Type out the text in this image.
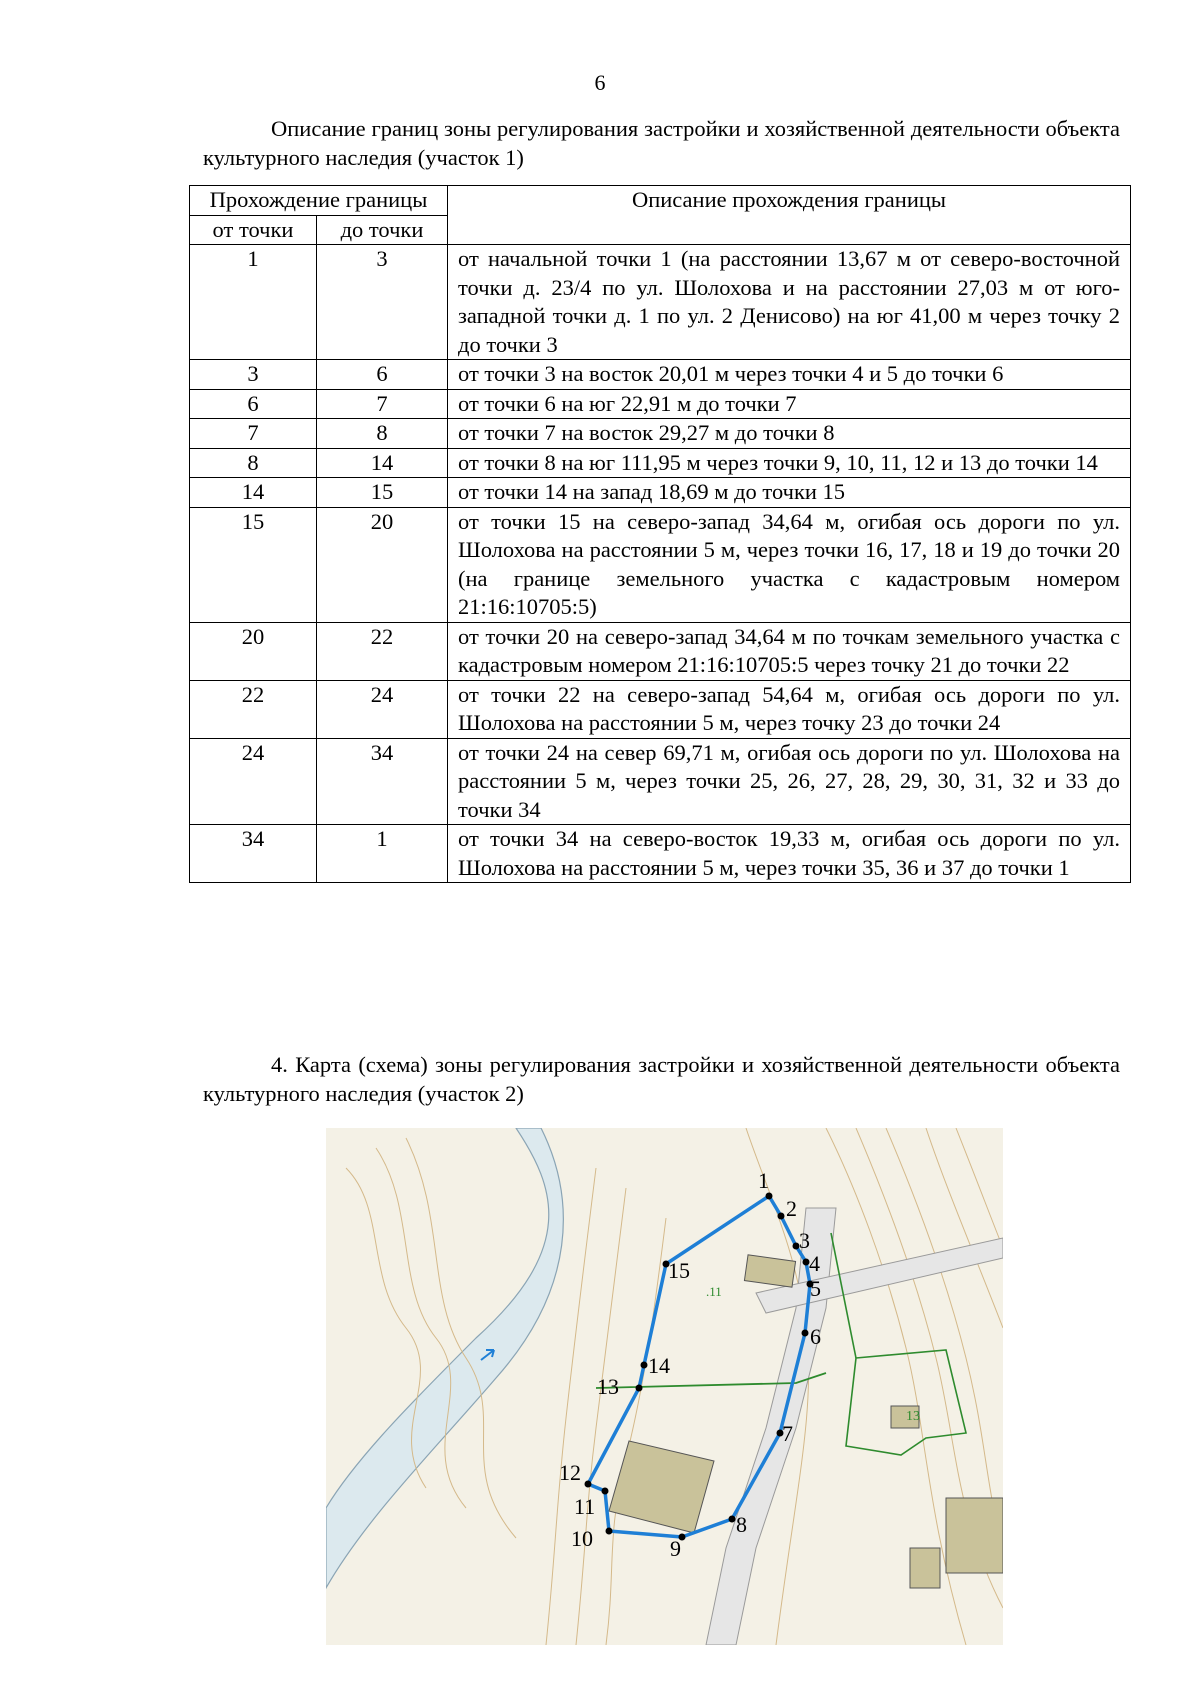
6

Описание границ зоны регулирования застройки и хозяйственной деятельности объекта культурного наследия (участок 1)

Прохождение границы		Описание прохождения границы
от точки	до точки	
1	3	от начальной точки 1 (на расстоянии 13,67 м от северо-восточной точки д. 23/4 по ул. Шолохова и на расстоянии 27,03 м от юго-западной точки д. 1 по ул. 2 Денисово) на юг 41,00 м через точку 2 до точки 3
3	6	от точки 3 на восток 20,01 м через точки 4 и 5 до точки 6
6	7	от точки 6 на юг 22,91 м до точки 7
7	8	от точки 7 на восток 29,27 м до точки 8
8	14	от точки 8 на юг 111,95 м через точки 9, 10, 11, 12 и 13 до точки 14
14	15	от точки 14 на запад 18,69 м до точки 15
15	20	от точки 15 на северо-запад 34,64 м, огибая ось дороги по ул. Шолохова на расстоянии 5 м, через точки 16, 17, 18 и 19 до точки 20 (на границе земельного участка с кадастровым номером 21:16:10705:5)
20	22	от точки 20 на северо-запад 34,64 м по точкам земельного участка с кадастровым номером 21:16:10705:5 через точку 21 до точки 22
22	24	от точки 22 на северо-запад 54,64 м, огибая ось дороги по ул. Шолохова на расстоянии 5 м, через точку 23 до точки 24
24	34	от точки 24 на север 69,71 м, огибая ось дороги по ул. Шолохова на расстоянии 5 м, через точки 25, 26, 27, 28, 29, 30, 31, 32 и 33 до точки 34
34	1	от точки 34 на северо-восток 19,33 м, огибая ось дороги по ул. Шолохова на расстоянии 5 м, через точки 35, 36 и 37 до точки 1

4. Карта (схема) зоны регулирования застройки и хозяйственной деятельности объекта культурного наследия (участок 2)

.11
13
1
2
3
4
5
6
7
8
9
10
11
12
13
14
15
